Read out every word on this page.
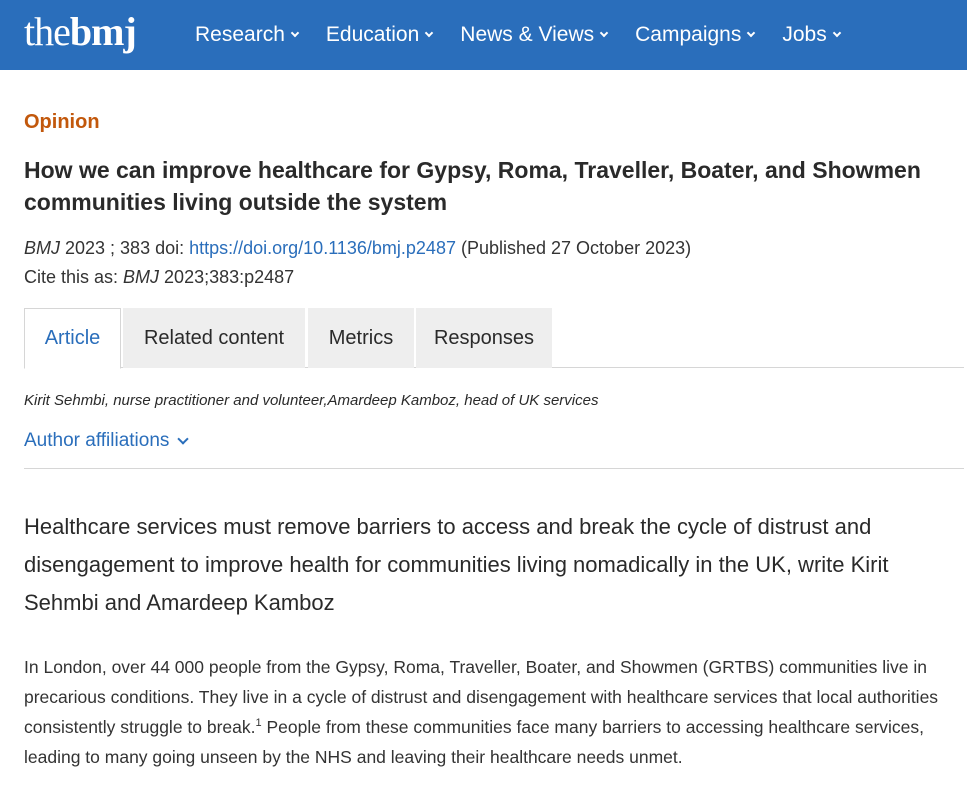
the bmj	Research Education News & Views Campaigns Jobs
Opinion
How we can improve healthcare for Gypsy, Roma, Traveller, Boater, and Showmen communities living outside the system
BMJ 2023 ; 383 doi: https://doi.org/10.1136/bmj.p2487 (Published 27 October 2023)
Cite this as: BMJ 2023;383:p2487
Article	Related content	Metrics	Responses
Kirit Sehmbi, nurse practitioner and volunteer,Amardeep Kamboz, head of UK services
Author affiliations
Healthcare services must remove barriers to access and break the cycle of distrust and disengagement to improve health for communities living nomadically in the UK, write Kirit Sehmbi and Amardeep Kamboz
In London, over 44 000 people from the Gypsy, Roma, Traveller, Boater, and Showmen (GRTBS) communities live in precarious conditions. They live in a cycle of distrust and disengagement with healthcare services that local authorities consistently struggle to break.$^1$ People from these communities face many barriers to accessing healthcare services, leading to many going unseen by the NHS and leaving their healthcare needs unmet.
